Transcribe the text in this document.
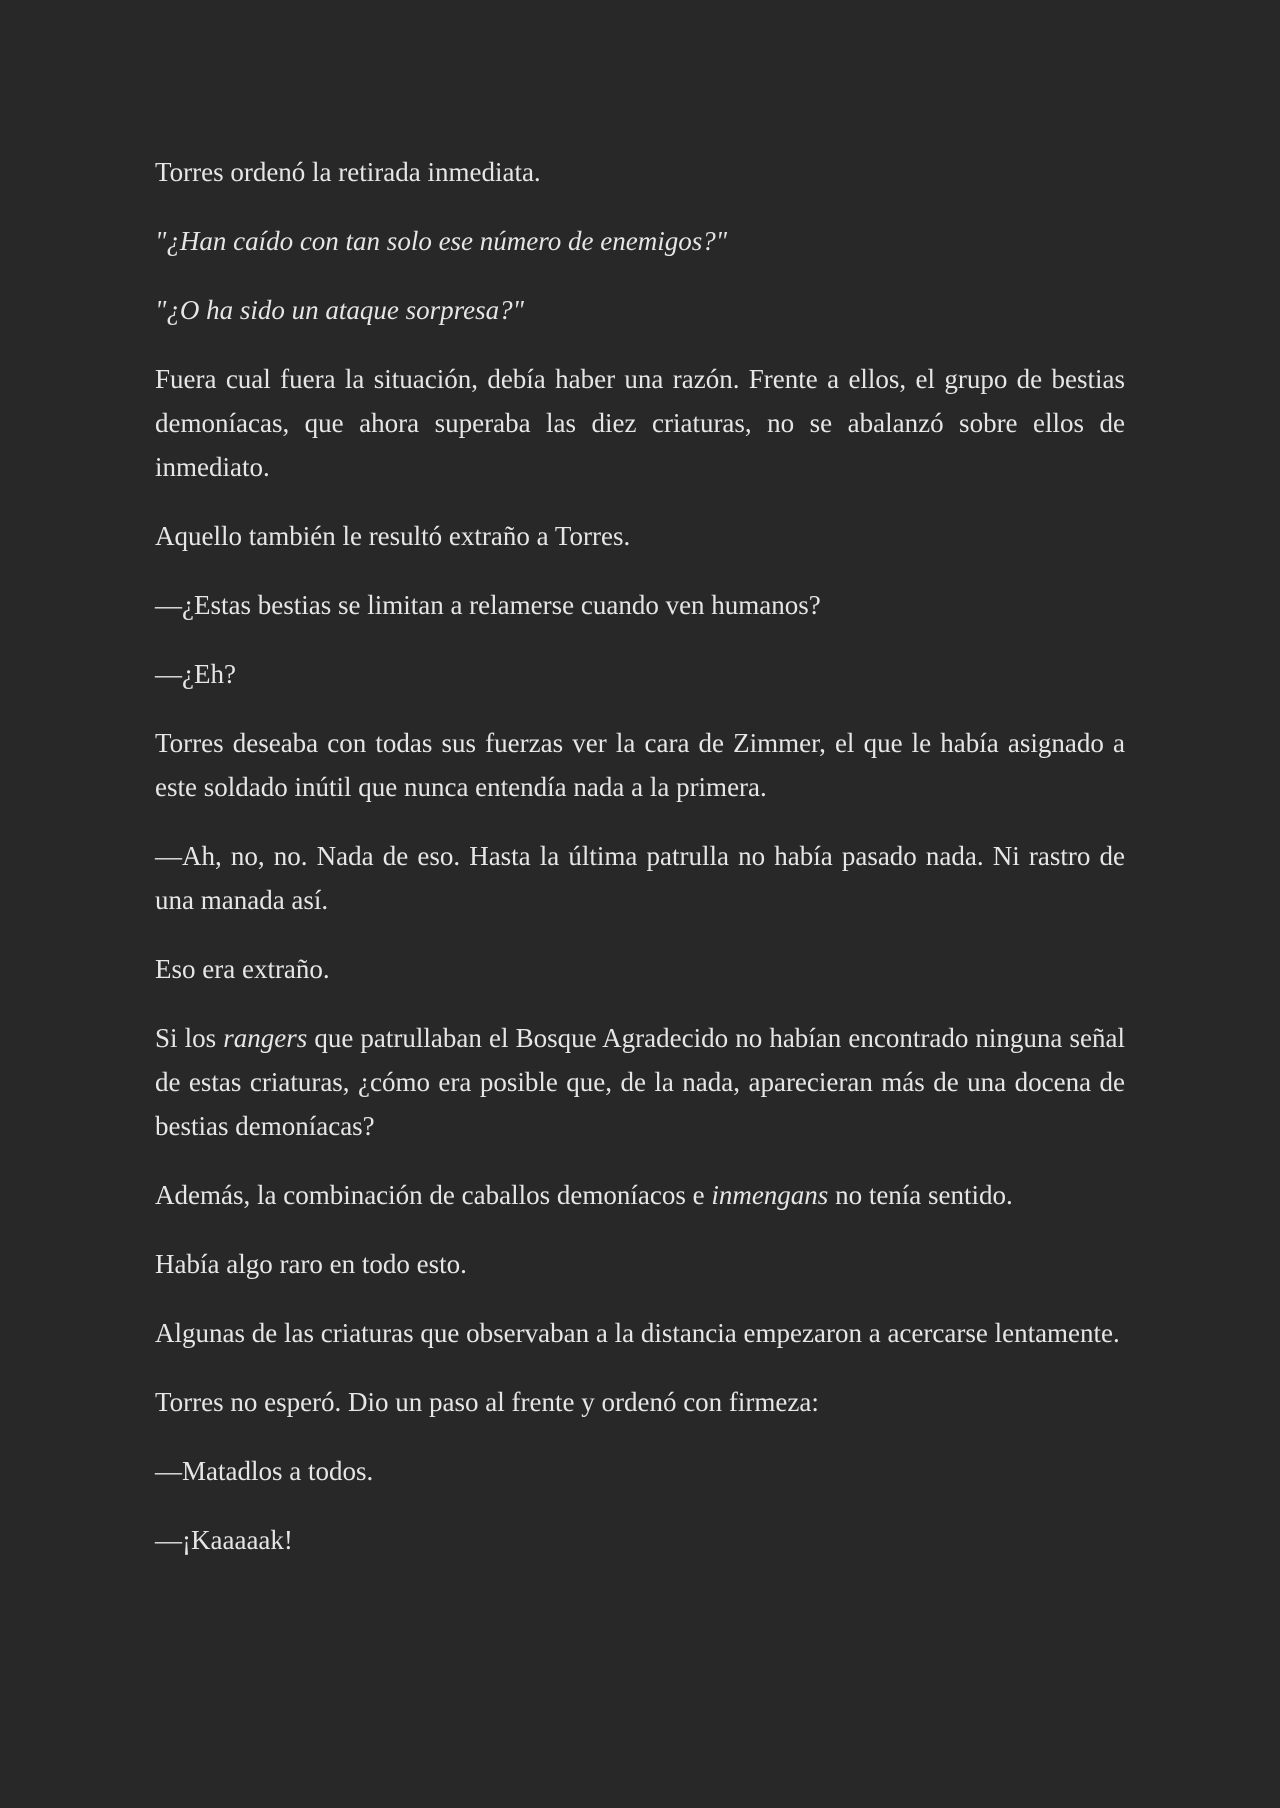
Torres ordenó la retirada inmediata.

"¿Han caído con tan solo ese número de enemigos?"

"¿O ha sido un ataque sorpresa?"

Fuera cual fuera la situación, debía haber una razón. Frente a ellos, el grupo de bestias demoníacas, que ahora superaba las diez criaturas, no se abalanzó sobre ellos de inmediato.

Aquello también le resultó extraño a Torres.

—¿Estas bestias se limitan a relamerse cuando ven humanos?

—¿Eh?

Torres deseaba con todas sus fuerzas ver la cara de Zimmer, el que le había asignado a este soldado inútil que nunca entendía nada a la primera.

—Ah, no, no. Nada de eso. Hasta la última patrulla no había pasado nada. Ni rastro de una manada así.

Eso era extraño.

Si los rangers que patrullaban el Bosque Agradecido no habían encontrado ninguna señal de estas criaturas, ¿cómo era posible que, de la nada, aparecieran más de una docena de bestias demoníacas?

Además, la combinación de caballos demoníacos e inmengans no tenía sentido.

Había algo raro en todo esto.

Algunas de las criaturas que observaban a la distancia empezaron a acercarse lentamente.

Torres no esperó. Dio un paso al frente y ordenó con firmeza:

—Matadlos a todos.

—¡Kaaaaak!
